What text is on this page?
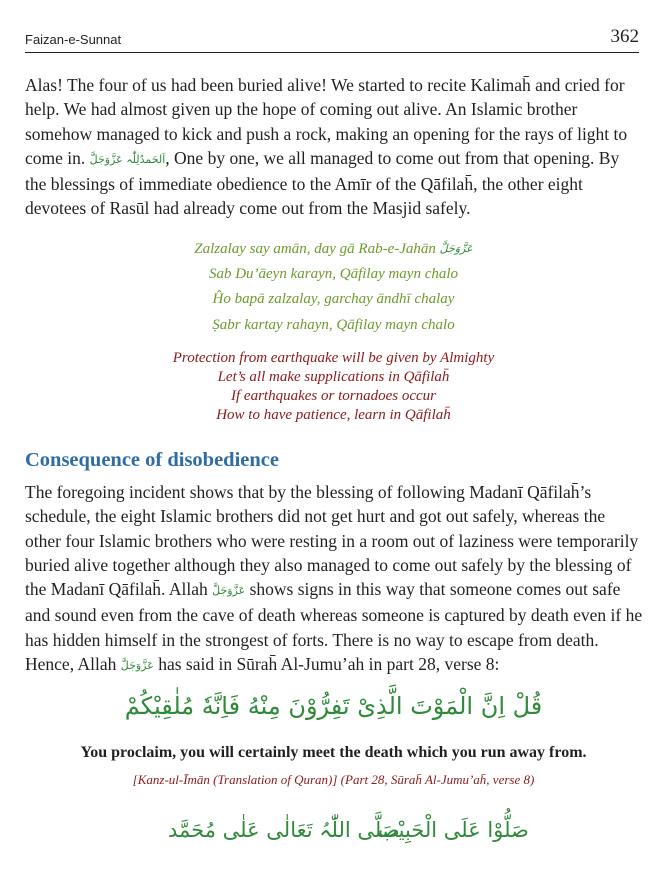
Faizan-e-Sunnat	362

Alas! The four of us had been buried alive! We started to recite Kalimah̄ and cried for help. We had almost given up the hope of coming out alive. An Islamic brother somehow managed to kick and push a rock, making an opening for the rays of light to come in. اَلحَمدُلِلّٰہ عَزَّوَجَلَّ, One by one, we all managed to come out from that opening. By the blessings of immediate obedience to the Amīr of the Qāfilah̄, the other eight devotees of Rasūl had already come out from the Masjid safely.

Zalzalay say amān, day gā Rab-e-Jahān عَزَّوَجَلَّ
Sab Du’āeyn karayn, Qāfilay mayn chalo
Ĥo bapā zalzalay, garchay āndhī chalay
Ṣabr kartay rahayn, Qāfilay mayn chalo
Protection from earthquake will be given by Almighty
Let’s all make supplications in Qāfilah̄
If earthquakes or tornadoes occur
How to have patience, learn in Qāfilah̄
Consequence of disobedience

The foregoing incident shows that by the blessing of following Madanī Qāfilah̄’s schedule, the eight Islamic brothers did not get hurt and got out safely, whereas the other four Islamic brothers who were resting in a room out of laziness were temporarily buried alive together although they also managed to come out safely by the blessing of the Madanī Qāfilah̄. Allah عَزَّوَجَلَّ shows signs in this way that someone comes out safe and sound even from the cave of death whereas someone is captured by death even if he has hidden himself in the strongest of forts. There is no way to escape from death. Hence, Allah عَزَّوَجَلَّ has said in Sūrah̄ Al-Jumu’ah in part 28, verse 8:

قُلْ اِنَّ الْمَوْتَ الَّذِیْ تَفِرُّوْنَ مِنْهُ فَاِنَّهٗ مُلٰقِیْكُمْ
You proclaim, you will certainly meet the death which you run away from.
[Kanz-ul-Īmān (Translation of Quran)] (Part 28, Sūrah̄ Al-Jumu’ah̄, verse 8)
صَلُّوْا عَلَی الْحَبِیْب
صَلَّی اللّٰہُ تَعَالٰی عَلٰی مُحَمَّد
